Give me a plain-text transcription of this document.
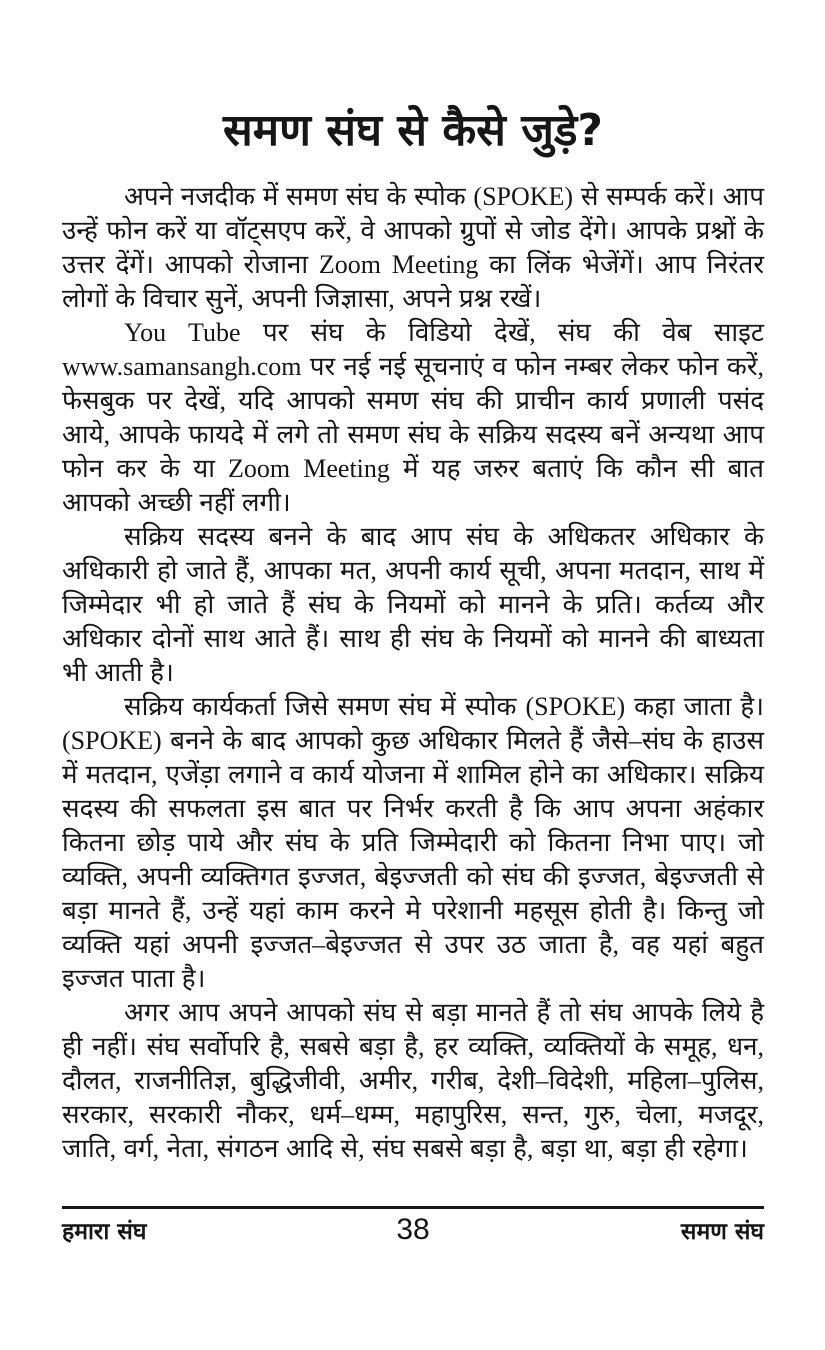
समण संघ से कैसे जुड़े?

अपने नजदीक में समण संघ के स्पोक (SPOKE) से सम्पर्क करें। आप उन्हें फोन करें या वॉट्सएप करें, वे आपको ग्रुपों से जोड देंगे। आपके प्रश्नों के उत्तर देंगें। आपको रोजाना Zoom Meeting का लिंक भेजेंगें। आप निरंतर लोगों के विचार सुनें, अपनी जिज्ञासा, अपने प्रश्न रखें।

You Tube पर संघ के विडियो देखें, संघ की वेब साइट www.samansangh.com पर नई नई सूचनाएं व फोन नम्बर लेकर फोन करें, फेसबुक पर देखें, यदि आपको समण संघ की प्राचीन कार्य प्रणाली पसंद आये, आपके फायदे में लगे तो समण संघ के सक्रिय सदस्य बनें अन्यथा आप फोन कर के या Zoom Meeting में यह जरुर बताएं कि कौन सी बात आपको अच्छी नहीं लगी।

सक्रिय सदस्य बनने के बाद आप संघ के अधिकतर अधिकार के अधिकारी हो जाते हैं, आपका मत, अपनी कार्य सूची, अपना मतदान, साथ में जिम्मेदार भी हो जाते हैं संघ के नियमों को मानने के प्रति। कर्तव्य और अधिकार दोनों साथ आते हैं। साथ ही संघ के नियमों को मानने की बाध्यता भी आती है।

सक्रिय कार्यकर्ता जिसे समण संघ में स्पोक (SPOKE) कहा जाता है। (SPOKE) बनने के बाद आपको कुछ अधिकार मिलते हैं जैसे–संघ के हाउस में मतदान, एजेंड़ा लगाने व कार्य योजना में शामिल होने का अधिकार। सक्रिय सदस्य की सफलता इस बात पर निर्भर करती है कि आप अपना अहंकार कितना छोड़ पाये और संघ के प्रति जिम्मेदारी को कितना निभा पाए। जो व्यक्ति, अपनी व्यक्तिगत इज्जत, बेइज्जती को संघ की इज्जत, बेइज्जती से बड़ा मानते हैं, उन्हें यहां काम करने मे परेशानी महसूस होती है। किन्तु जो व्यक्ति यहां अपनी इज्जत–बेइज्जत से उपर उठ जाता है, वह यहां बहुत इज्जत पाता है।

अगर आप अपने आपको संघ से बड़ा मानते हैं तो संघ आपके लिये है ही नहीं। संघ सर्वोपरि है, सबसे बड़ा है, हर व्यक्ति, व्यक्तियों के समूह, धन, दौलत, राजनीतिज्ञ, बुद्धिजीवी, अमीर, गरीब, देशी–विदेशी, महिला–पुलिस, सरकार, सरकारी नौकर, धर्म–धम्म, महापुरिस, सन्त, गुरु, चेला, मजदूर, जाति, वर्ग, नेता, संगठन आदि से, संघ सबसे बड़ा है, बड़ा था, बड़ा ही रहेगा।

हमारा संघ	38	समण संघ
